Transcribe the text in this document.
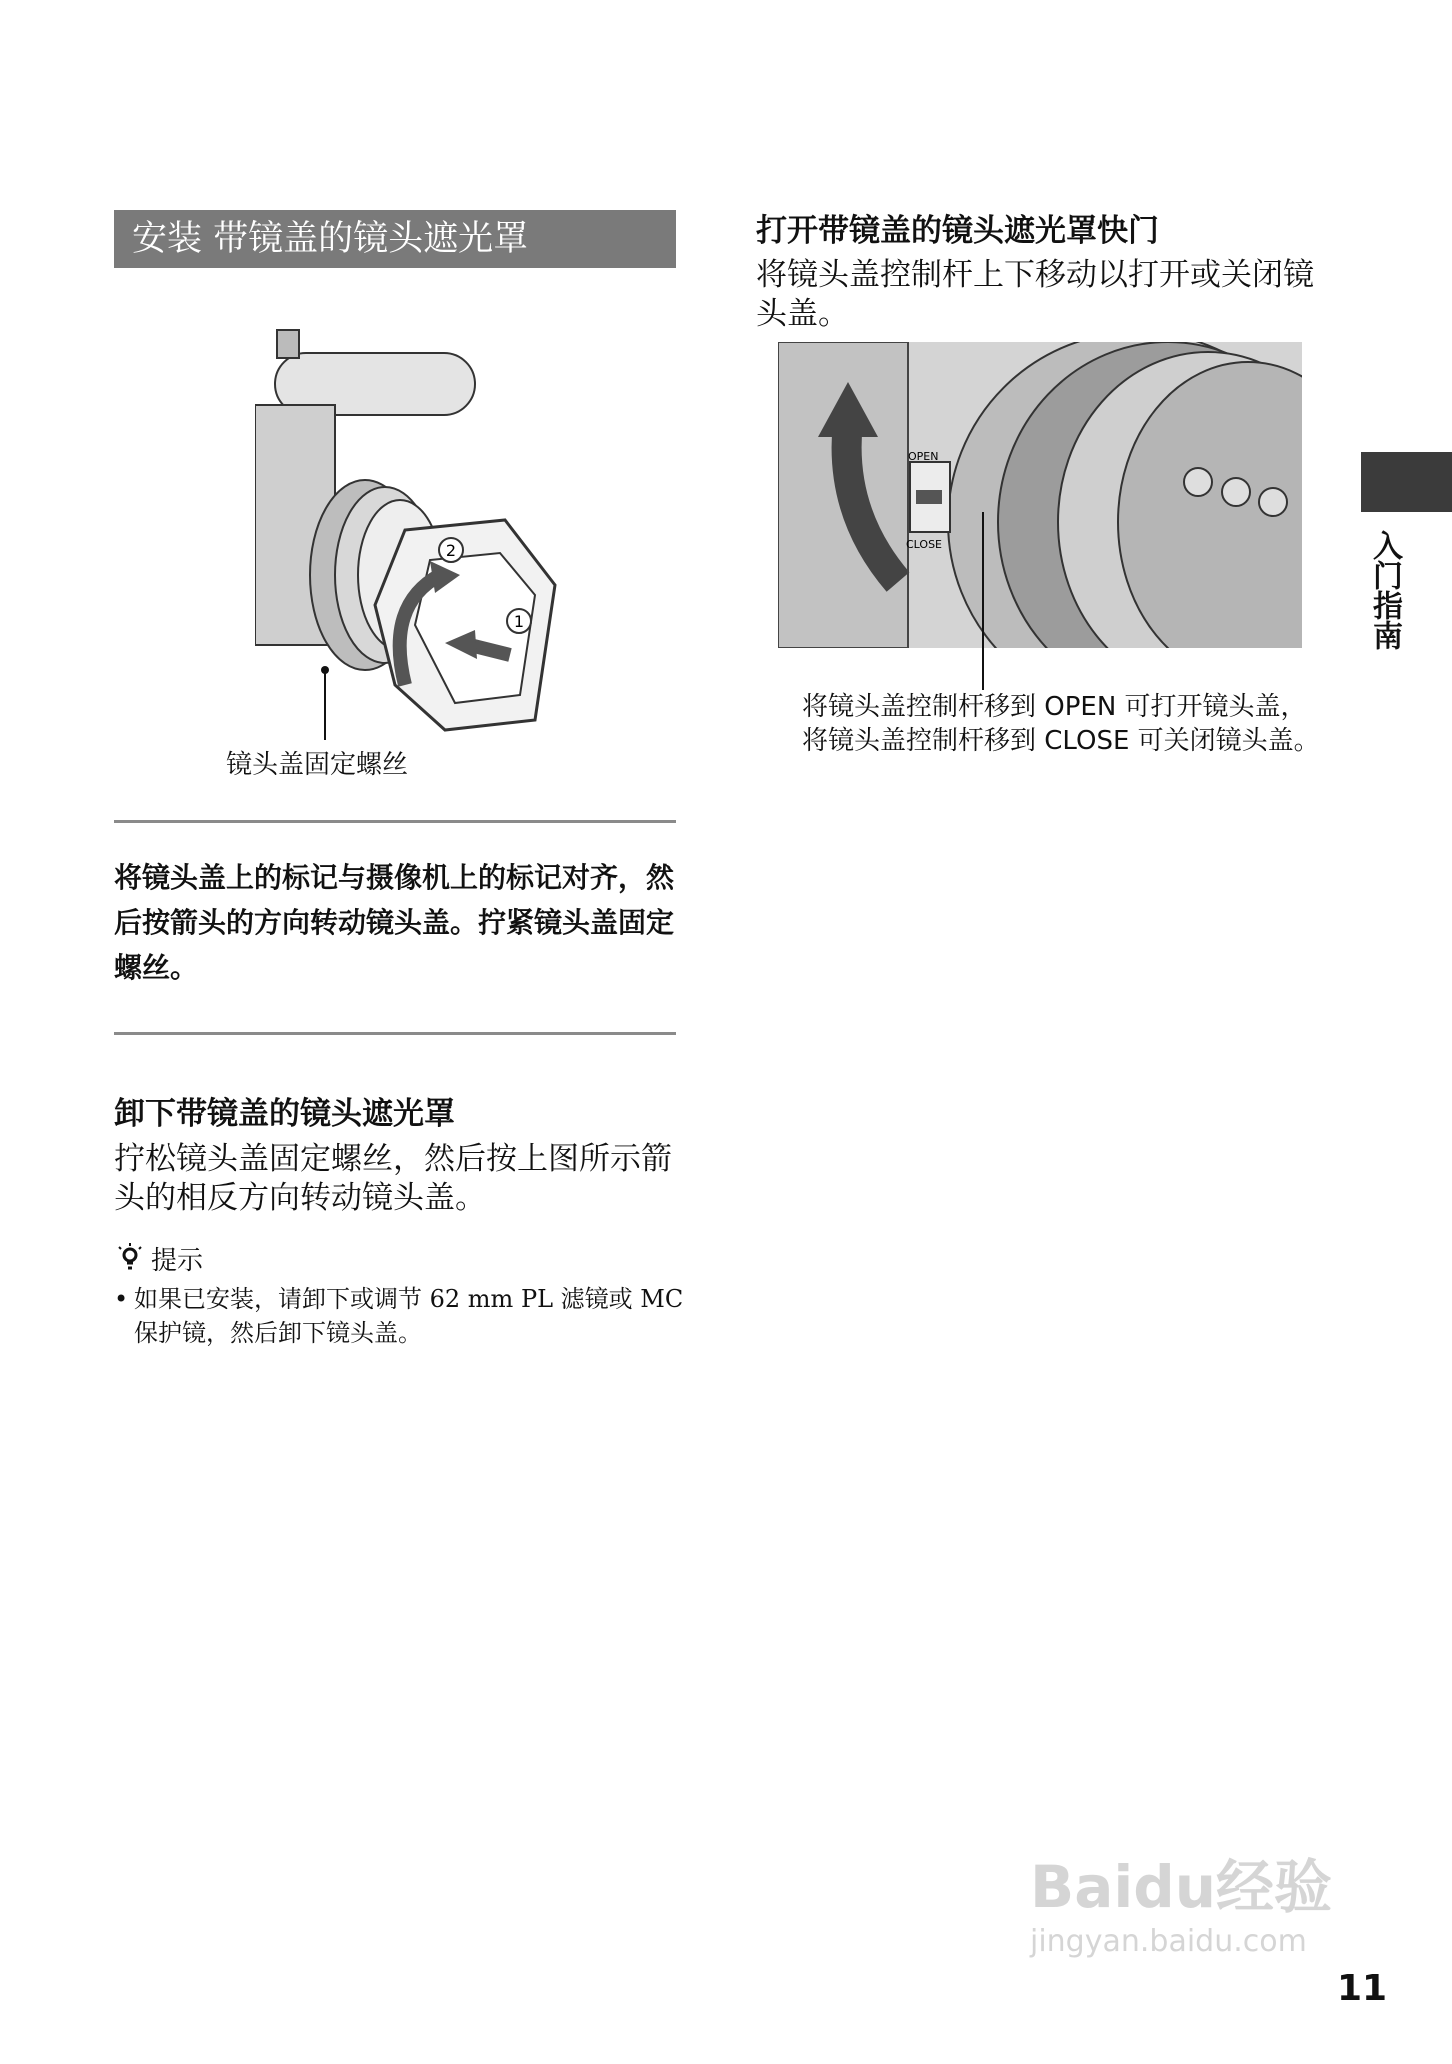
安装 带镜盖的镜头遮光罩
2
1
镜头盖固定螺丝
将镜头盖上的标记与摄像机上的标记对齐，然后按箭头的方向转动镜头盖。拧紧镜头盖固定螺丝。
卸下带镜盖的镜头遮光罩
拧松镜头盖固定螺丝，然后按上图所示箭头的相反方向转动镜头盖。
提示
• 如果已安装，请卸下或调节 62 mm PL 滤镜或 MC 保护镜，然后卸下镜头盖。
打开带镜盖的镜头遮光罩快门
将镜头盖控制杆上下移动以打开或关闭镜头盖。
OPEN
CLOSE
将镜头盖控制杆移到 OPEN 可打开镜头盖，将镜头盖控制杆移到 CLOSE 可关闭镜头盖。
入门指南
Baidu经验
jingyan.baidu.com
11
